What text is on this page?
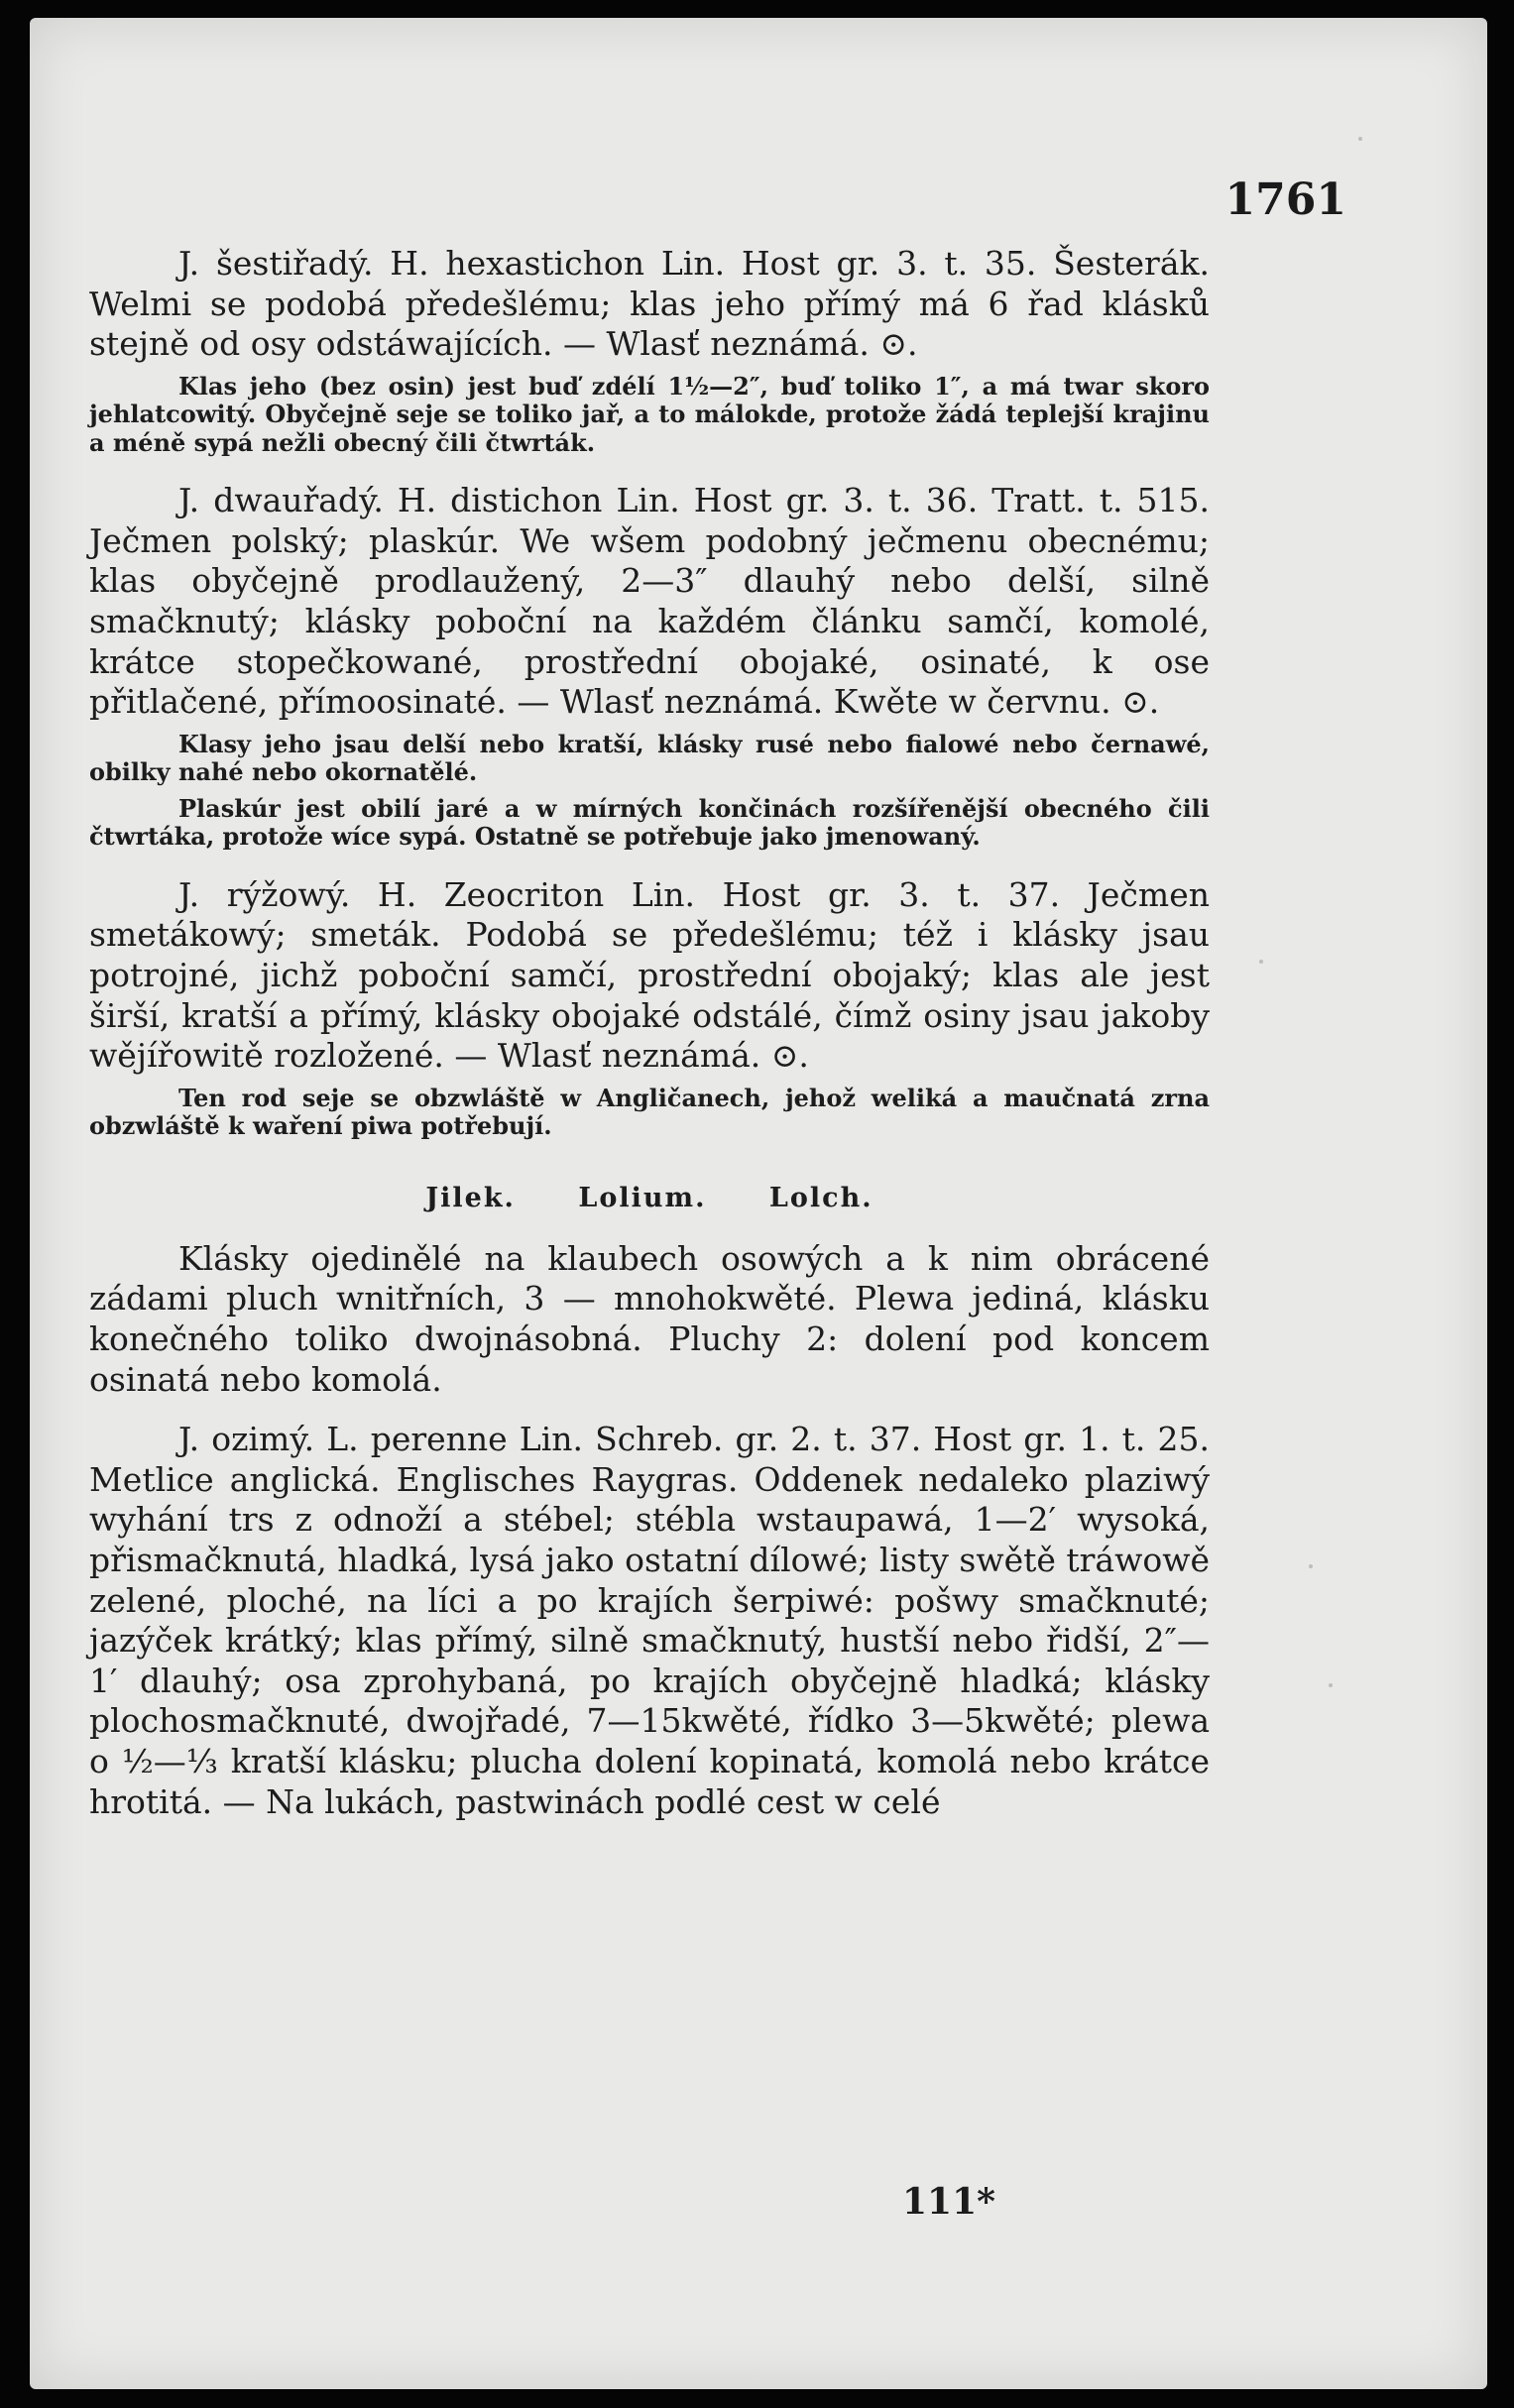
1761

J. šestiřadý. H. hexastichon Lin. Host gr. 3. t. 35. Šesterák. Welmi se podobá předešlému; klas jeho přímý má 6 řad klásků stejně od osy odstáwajících. — Wlasť neznámá. ⊙.

Klas jeho (bez osin) jest buď zdélí 1½—2″, buď toliko 1″, a má twar skoro jehlatcowitý. Obyčejně seje se toliko jař, a to málokde, protože žádá teplejší krajinu a méně sypá nežli obecný čili čtwrták.

J. dwauřadý. H. distichon Lin. Host gr. 3. t. 36. Tratt. t. 515. Ječmen polský; plaskúr. We wšem podobný ječmenu obecnému; klas obyčejně prodlaužený, 2—3″ dlauhý nebo delší, silně smačknutý; klásky poboční na každém článku samčí, komolé, krátce stopečkowané, prostřední obojaké, osinaté, k ose přitlačené, přímoosinaté. — Wlasť neznámá. Kwěte w červnu. ⊙.

Klasy jeho jsau delší nebo kratší, klásky rusé nebo fialowé nebo černawé, obilky nahé nebo okornatělé.

Plaskúr jest obilí jaré a w mírných končinách rozšířenější obecného čili čtwrtáka, protože wíce sypá. Ostatně se potřebuje jako jmenowaný.

J. rýžowý. H. Zeocriton Lin. Host gr. 3. t. 37. Ječmen smetákowý; smeták. Podobá se předešlému; též i klásky jsau potrojné, jichž poboční samčí, prostřední obojaký; klas ale jest širší, kratší a přímý, klásky obojaké odstálé, čímž osiny jsau jakoby wějířowitě rozložené. — Wlasť neznámá. ⊙.

Ten rod seje se obzwláště w Angličanech, jehož weliká a maučnatá zrna obzwláště k waření piwa potřebují.

Jilek. Lolium. Lolch.

Klásky ojedinělé na klaubech osowých a k nim obrácené zádami pluch wnitřních, 3 — mnohokwěté. Plewa jediná, klásku konečného toliko dwojnásobná. Pluchy 2: dolení pod koncem osinatá nebo komolá.

J. ozimý. L. perenne Lin. Schreb. gr. 2. t. 37. Host gr. 1. t. 25. Metlice anglická. Englisches Raygras. Oddenek nedaleko plaziwý wyhání trs z odnoží a stébel; stébla wstaupawá, 1—2′ wysoká, přismačknutá, hladká, lysá jako ostatní dílowé; listy swětě tráwowě zelené, ploché, na líci a po krajích šerpiwé: pošwy smačknuté; jazýček krátký; klas přímý, silně smačknutý, hustší nebo řidší, 2″—1′ dlauhý; osa zprohybaná, po krajích obyčejně hladká; klásky plochosmačknuté, dwojřadé, 7—15kwěté, řídko 3—5kwěté; plewa o ½—⅓ kratší klásku; plucha dolení kopinatá, komolá nebo krátce hrotitá. — Na lukách, pastwinách podlé cest w celé

111*
